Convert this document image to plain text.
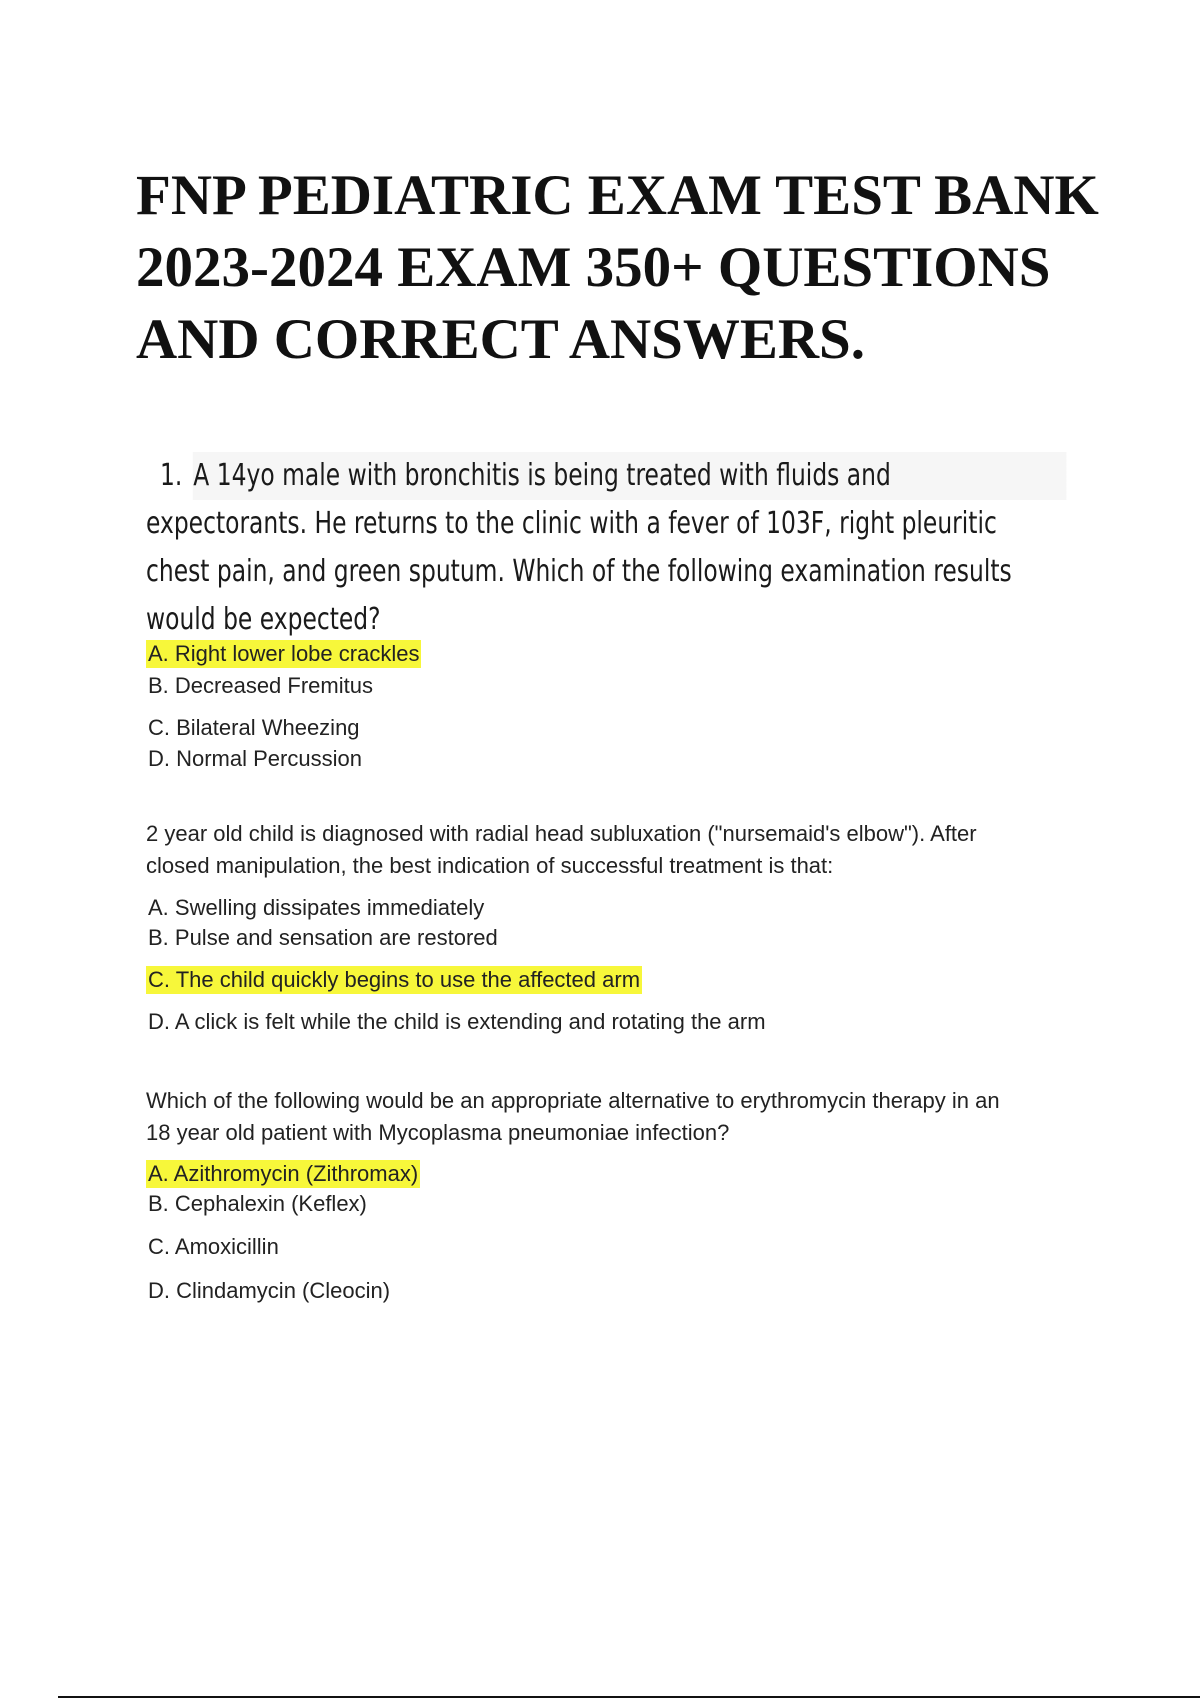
FNP PEDIATRIC EXAM TEST BANK
2023-2024 EXAM 350+ QUESTIONS
AND CORRECT ANSWERS.

1. A 14yo male with bronchitis is being treated with fluids and
expectorants. He returns to the clinic with a fever of 103F, right pleuritic
chest pain, and green sputum. Which of the following examination results
would be expected?

A. Right lower lobe crackles
B. Decreased Fremitus
C. Bilateral Wheezing
D. Normal Percussion

2 year old child is diagnosed with radial head subluxation ("nursemaid's elbow"). After
closed manipulation, the best indication of successful treatment is that:

A. Swelling dissipates immediately
B. Pulse and sensation are restored
C. The child quickly begins to use the affected arm
D. A click is felt while the child is extending and rotating the arm

Which of the following would be an appropriate alternative to erythromycin therapy in an
18 year old patient with Mycoplasma pneumoniae infection?

A. Azithromycin (Zithromax)
B. Cephalexin (Keflex)
C. Amoxicillin
D. Clindamycin (Cleocin)
